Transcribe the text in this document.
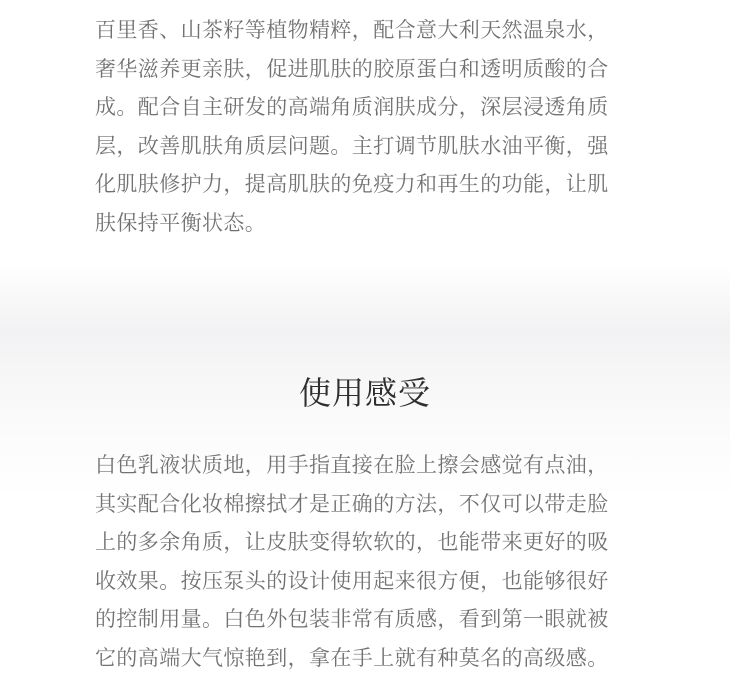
百里香、山茶籽等植物精粹，配合意大利天然温泉水，
奢华滋养更亲肤，促进肌肤的胶原蛋白和透明质酸的合
成。配合自主研发的高端角质润肤成分，深层浸透角质
层，改善肌肤角质层问题。主打调节肌肤水油平衡，强
化肌肤修护力，提高肌肤的免疫力和再生的功能，让肌
肤保持平衡状态。

使用感受

白色乳液状质地，用手指直接在脸上擦会感觉有点油，
其实配合化妆棉擦拭才是正确的方法，不仅可以带走脸
上的多余角质，让皮肤变得软软的，也能带来更好的吸
收效果。按压泵头的设计使用起来很方便，也能够很好
的控制用量。白色外包装非常有质感，看到第一眼就被
它的高端大气惊艳到，拿在手上就有种莫名的高级感。
